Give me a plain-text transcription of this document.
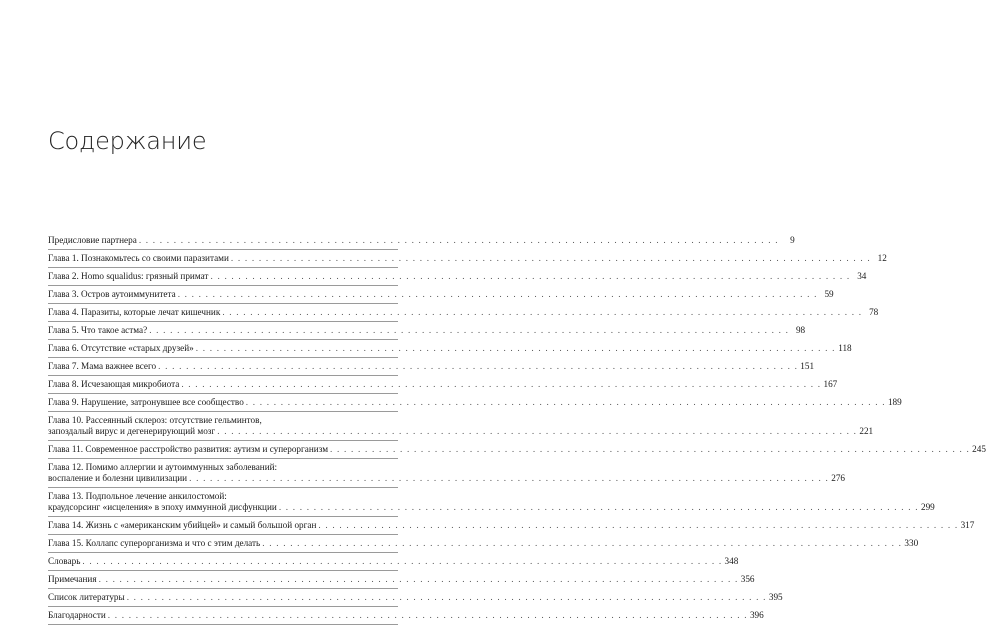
Содержание
Предисловие партнера . . . . . . . . . . . . . . . . . . . . . . . . . . . . . . . . . . . . . . . . . . . . . . . . . . . . . . . . . . . . . . . . . . . . . . . . . . . . . . . . . . . . . . . . . . . .	9
Глава 1. Познакомьтесь со своими паразитами . . . . . . . . . . . . . . . . . . . . . . . . . . . . . . . . . . . . . . . . . . . . . . . . . . . . . . . . . . . . . . . . . . . . . . . . . . . . . . . . . . . . . . . . . . . . 12
Глава 2. Homo squalidus: грязный примат . . . . . . . . . . . . . . . . . . . . . . . . . . . . . . . . . . . . . . . . . . . . . . . . . . . . . . . . . . . . . . . . . . . . . . . . . . . . . . . . . . . . . . . . . . . . 34
Глава 3. Остров аутоиммунитета . . . . . . . . . . . . . . . . . . . . . . . . . . . . . . . . . . . . . . . . . . . . . . . . . . . . . . . . . . . . . . . . . . . . . . . . . . . . . . . . . . . . . . . . . . . . 59
Глава 4. Паразиты, которые лечат кишечник . . . . . . . . . . . . . . . . . . . . . . . . . . . . . . . . . . . . . . . . . . . . . . . . . . . . . . . . . . . . . . . . . . . . . . . . . . . . . . . . . . . . . . . . . . . . 78
Глава 5. Что такое астма? . . . . . . . . . . . . . . . . . . . . . . . . . . . . . . . . . . . . . . . . . . . . . . . . . . . . . . . . . . . . . . . . . . . . . . . . . . . . . . . . . . . . . . . . . . . . 98
Глава 6. Отсутствие «старых друзей» . . . . . . . . . . . . . . . . . . . . . . . . . . . . . . . . . . . . . . . . . . . . . . . . . . . . . . . . . . . . . . . . . . . . . . . . . . . . . . . . . . . . . . . . . . . . 118
Глава 7. Мама важнее всего . . . . . . . . . . . . . . . . . . . . . . . . . . . . . . . . . . . . . . . . . . . . . . . . . . . . . . . . . . . . . . . . . . . . . . . . . . . . . . . . . . . . . . . . . . . . 151
Глава 8. Исчезающая микробиота . . . . . . . . . . . . . . . . . . . . . . . . . . . . . . . . . . . . . . . . . . . . . . . . . . . . . . . . . . . . . . . . . . . . . . . . . . . . . . . . . . . . . . . . . . . . 167
Глава 9. Нарушение, затронувшее все сообщество . . . . . . . . . . . . . . . . . . . . . . . . . . . . . . . . . . . . . . . . . . . . . . . . . . . . . . . . . . . . . . . . . . . . . . . . . . . . . . . . . . . . . . . . . . . . 189
Глава 10. Рассеянный склероз: отсутствие гельминтов,
запоздалый вирус и дегенерирующий мозг . . . . . . . . . . . . . . . . . . . . . . . . . . . . . . . . . . . . . . . . . . . . . . . . . . . . . . . . . . . . . . . . . . . . . . . . . . . . . . . . . . . . . . . . . . . . 221
Глава 11. Современное расстройство развития: аутизм и суперорганизм . . . . . . . . . . . . . . . . . . . . . . . . . . . . . . . . . . . . . . . . . . . . . . . . . . . . . . . . . . . . . . . . . . . . . . . . . . . . . . . . . . . . . . . . . . . . 245
Глава 12. Помимо аллергии и аутоиммунных заболеваний:
воспаление и болезни цивилизации . . . . . . . . . . . . . . . . . . . . . . . . . . . . . . . . . . . . . . . . . . . . . . . . . . . . . . . . . . . . . . . . . . . . . . . . . . . . . . . . . . . . . . . . . . . . 276
Глава 13. Подпольное лечение анкилостомой:
краудсорсинг «исцеления» в эпоху иммунной дисфункции . . . . . . . . . . . . . . . . . . . . . . . . . . . . . . . . . . . . . . . . . . . . . . . . . . . . . . . . . . . . . . . . . . . . . . . . . . . . . . . . . . . . . . . . . . . . 299
Глава 14. Жизнь с «американским убийцей» и самый большой орган . . . . . . . . . . . . . . . . . . . . . . . . . . . . . . . . . . . . . . . . . . . . . . . . . . . . . . . . . . . . . . . . . . . . . . . . . . . . . . . . . . . . . . . . . . . . 317
Глава 15. Коллапс суперорганизма и что с этим делать . . . . . . . . . . . . . . . . . . . . . . . . . . . . . . . . . . . . . . . . . . . . . . . . . . . . . . . . . . . . . . . . . . . . . . . . . . . . . . . . . . . . . . . . . . . . 330
Словарь . . . . . . . . . . . . . . . . . . . . . . . . . . . . . . . . . . . . . . . . . . . . . . . . . . . . . . . . . . . . . . . . . . . . . . . . . . . . . . . . . . . . . . . . . . . . 348
Примечания . . . . . . . . . . . . . . . . . . . . . . . . . . . . . . . . . . . . . . . . . . . . . . . . . . . . . . . . . . . . . . . . . . . . . . . . . . . . . . . . . . . . . . . . . . . . 356
Список литературы . . . . . . . . . . . . . . . . . . . . . . . . . . . . . . . . . . . . . . . . . . . . . . . . . . . . . . . . . . . . . . . . . . . . . . . . . . . . . . . . . . . . . . . . . . . . 395
Благодарности . . . . . . . . . . . . . . . . . . . . . . . . . . . . . . . . . . . . . . . . . . . . . . . . . . . . . . . . . . . . . . . . . . . . . . . . . . . . . . . . . . . . . . . . . . . . 396
